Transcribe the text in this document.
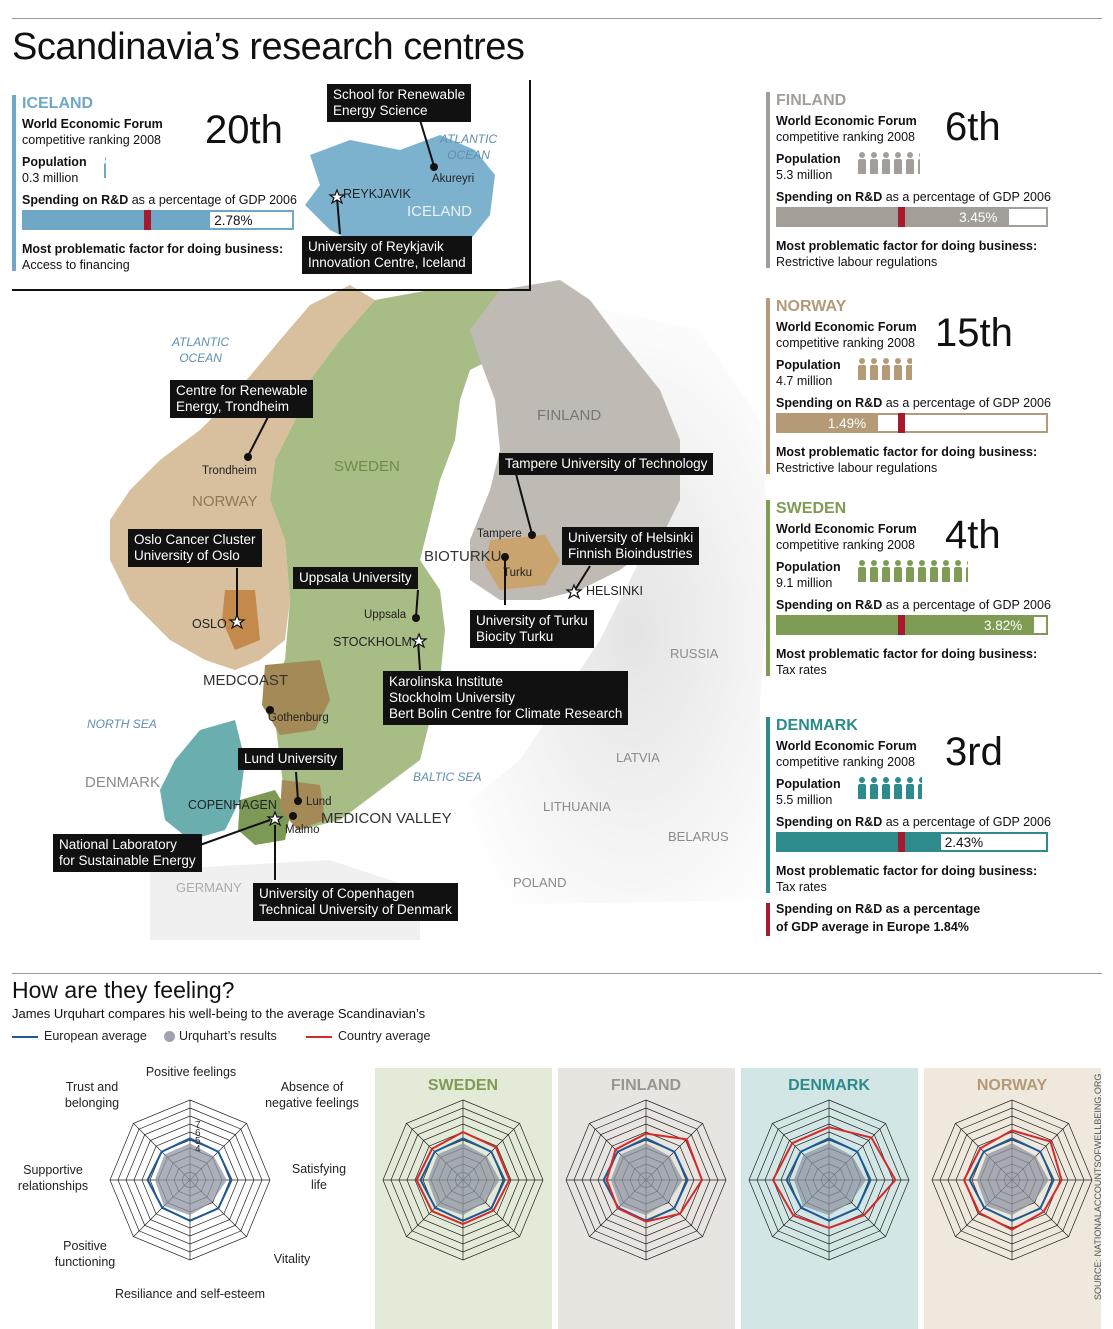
Scandinavia’s research centres
School for Renewable
Energy Science
University of Reykjavik
Innovation Centre, Iceland
Centre for Renewable
Energy, Trondheim
Oslo Cancer Cluster
University of Oslo
Uppsala University
Tampere University of Technology
University of Helsinki
Finnish Bioindustries
University of Turku
Biocity Turku
Karolinska Institute
Stockholm University
Bert Bolin Centre for Climate Research
Lund University
National Laboratory
for Sustainable Energy
University of Copenhagen
Technical University of Denmark
Akureyri
REYKJAVIK
Trondheim
OSLO
Uppsala
STOCKHOLM
Tampere
Turku
HELSINKI
Gothenburg
Lund
Malmo
COPENHAGEN
BIOTURKU
MEDCOAST
MEDICON VALLEY
ICELAND
FINLAND
SWEDEN
NORWAY
DENMARK
RUSSIA
LATVIA
LITHUANIA
BELARUS
POLAND
GERMANY
ATLANTIC
OCEAN
ATLANTIC
OCEAN
NORTH SEA
BALTIC SEA
ICELAND
World Economic Forum
competitive ranking 2008 20th
Population
0.3 million
Spending on R&D as a percentage of GDP 2006
2.78%
Most problematic factor for doing business:
Access to financing
FINLAND
World Economic Forum
competitive ranking 2008 6th
Population
5.3 million
Spending on R&D as a percentage of GDP 2006
3.45%
Most problematic factor for doing business:
Restrictive labour regulations
NORWAY
World Economic Forum
competitive ranking 2008 15th
Population
4.7 million
Spending on R&D as a percentage of GDP 2006
1.49%
Most problematic factor for doing business:
Restrictive labour regulations
SWEDEN
World Economic Forum
competitive ranking 2008 4th
Population
9.1 million
Spending on R&D as a percentage of GDP 2006
3.82%
Most problematic factor for doing business:
Tax rates
DENMARK
World Economic Forum
competitive ranking 2008 3rd
Population
5.5 million
Spending on R&D as a percentage of GDP 2006
2.43%
Most problematic factor for doing business:
Tax rates
Spending on R&D as a percentage
of GDP average in Europe 1.84%
How are they feeling?
James Urquhart compares his well-being to the average Scandinavian’s
European average	Urquhart’s results	Country average
Positive feelings
Absence of
negative feelings
Satisfying
life
Vitality
Resiliance and self-esteem
Positive
functioning
Supportive
relationships
Trust and
belonging
4
5
6
7
SWEDEN	FINLAND	DENMARK	NORWAY	SOURCE: NATIONALACCOUNTSOFWELLBEING.ORG
